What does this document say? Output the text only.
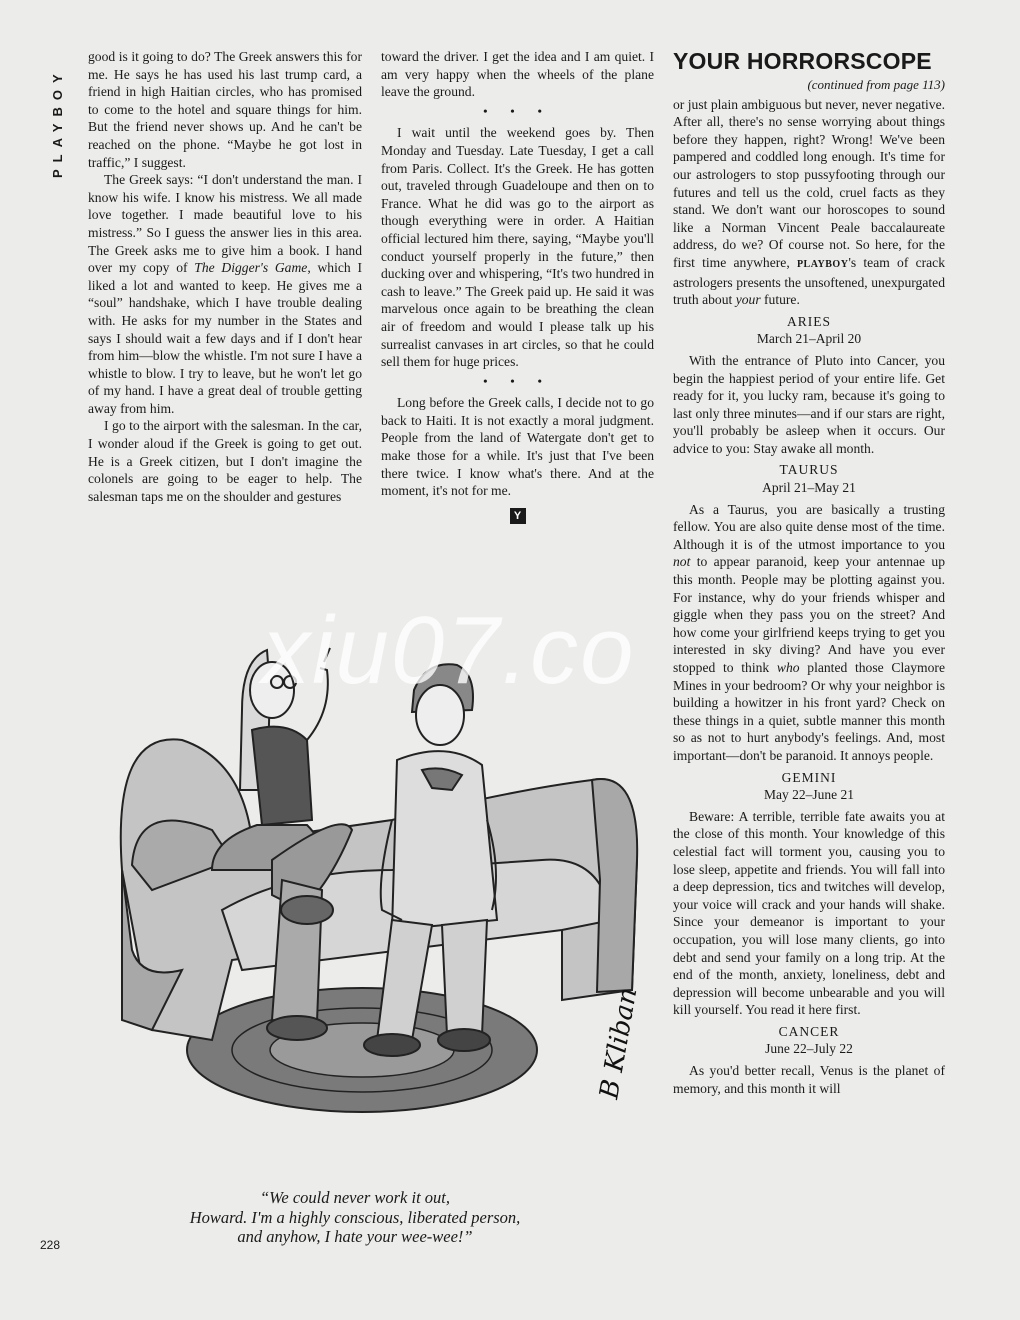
PLAYBOY

good is it going to do? The Greek answers this for me. He says he has used his last trump card, a friend in high Haitian circles, who has promised to come to the hotel and square things for him. But the friend never shows up. And he can't be reached on the phone. “Maybe he got lost in traffic,” I suggest.

The Greek says: “I don't understand the man. I know his wife. I know his mistress. We all made love together. I made beautiful love to his mistress.” So I guess the answer lies in this area. The Greek asks me to give him a book. I hand over my copy of The Digger's Game, which I liked a lot and wanted to keep. He gives me a “soul” handshake, which I have trouble dealing with. He asks for my number in the States and says I should wait a few days and if I don't hear from him—blow the whistle. I'm not sure I have a whistle to blow. I try to leave, but he won't let go of my hand. I have a great deal of trouble getting away from him.

I go to the airport with the salesman. In the car, I wonder aloud if the Greek is going to get out. He is a Greek citizen, but I don't imagine the colonels are going to be eager to help. The salesman taps me on the shoulder and gestures

toward the driver. I get the idea and I am quiet. I am very happy when the wheels of the plane leave the ground.

• • •

I wait until the weekend goes by. Then Monday and Tuesday. Late Tuesday, I get a call from Paris. Collect. It's the Greek. He has gotten out, traveled through Guadeloupe and then on to France. What he did was go to the airport as though everything were in order. A Haitian official lectured him there, saying, “Maybe you'll conduct yourself properly in the future,” then ducking over and whispering, “It's two hundred in cash to leave.” The Greek paid up. He said it was marvelous once again to be breathing the clean air of freedom and would I please talk up his surrealist canvases in art circles, so that he could sell them for huge prices.

• • •

Long before the Greek calls, I decide not to go back to Haiti. It is not exactly a moral judgment. People from the land of Watergate don't get to make those for a while. It's just that I've been there twice. I know what's there. And at the moment, it's not for me.

Y
YOUR HORRORSCOPE
(continued from page 113)

or just plain ambiguous but never, never negative. After all, there's no sense worrying about things before they happen, right? Wrong! We've been pampered and coddled long enough. It's time for our astrologers to stop pussyfooting through our futures and tell us the cold, cruel facts as they stand. We don't want our horoscopes to sound like a Norman Vincent Peale baccalaureate address, do we? Of course not. So here, for the first time anywhere, PLAYBOY's team of crack astrologers presents the unsoftened, unexpurgated truth about your future.

ARIES
March 21–April 20

With the entrance of Pluto into Cancer, you begin the happiest period of your entire life. Get ready for it, you lucky ram, because it's going to last only three minutes—and if our stars are right, you'll probably be asleep when it occurs. Our advice to you: Stay awake all month.

TAURUS
April 21–May 21

As a Taurus, you are basically a trusting fellow. You are also quite dense most of the time. Although it is of the utmost importance to you not to appear paranoid, keep your antennae up this month. People may be plotting against you. For instance, why do your friends whisper and giggle when they pass you on the street? And how come your girlfriend keeps trying to get you interested in sky diving? And have you ever stopped to think who planted those Claymore Mines in your bedroom? Or why your neighbor is building a howitzer in his front yard? Check on these things in a quiet, subtle manner this month so as not to hurt anybody's feelings. And, most important—don't be paranoid. It annoys people.

GEMINI
May 22–June 21

Beware: A terrible, terrible fate awaits you at the close of this month. Your knowledge of this celestial fact will torment you, causing you to lose sleep, appetite and friends. You will fall into a deep depression, tics and twitches will develop, your voice will crack and your hands will shake. Since your demeanor is important to your occupation, you will lose many clients, go into debt and send your family on a long trip. At the end of the month, anxiety, loneliness, debt and depression will become unbearable and you will kill yourself. You read it here first.

CANCER
June 22–July 22

As you'd better recall, Venus is the planet of memory, and this month it will

B Kliban
xiu07.co
“We could never work it out,
Howard. I'm a highly conscious, liberated person,
and anyhow, I hate your wee-wee!”
228
